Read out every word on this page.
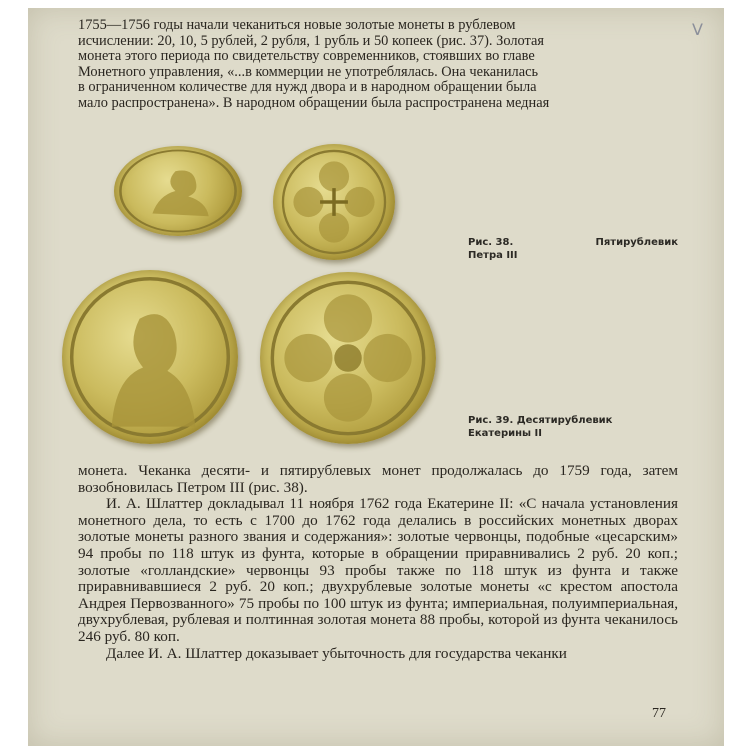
V
1755—1756 годы начали чеканиться новые золотые монеты в рублевом
исчислении: 20, 10, 5 рублей, 2 рубля, 1 рубль и 50 копеек (рис. 37). Золотая
монета этого периода по свидетельству современников, стоявших во главе
Монетного управления, «...в коммерции не употреблялась. Она чеканилась
в ограниченном количестве для нужд двора и в народном обращении была
мало распространена». В народном обращении была распространена медная
Рис. 38.	Пятирублевик
Петра III
Рис. 39. Десятирублевик Екатерины II

монета. Чеканка десяти- и пятирублевых монет продолжалась до 1759 года, затем возобновилась Петром III (рис. 38).

И. А. Шлаттер докладывал 11 ноября 1762 года Екатерине II: «С начала установления монетного дела, то есть с 1700 до 1762 года делались в российских монетных дворах золотые монеты разного звания и содержания»: золотые червонцы, подобные «цесарским» 94 пробы по 118 штук из фунта, которые в обращении приравнивались 2 руб. 20 коп.; золотые «голландские» червонцы 93 пробы также по 118 штук из фунта и также приравнивавшиеся 2 руб. 20 коп.; двухрублевые золотые монеты «с крестом апостола Андрея Первозванного» 75 пробы по 100 штук из фунта; империальная, полуимпериальная, двухрублевая, рублевая и полтинная золотая монета 88 пробы, которой из фунта чеканилось 246 руб. 80 коп.

Далее И. А. Шлаттер доказывает убыточность для государства чеканки

77
